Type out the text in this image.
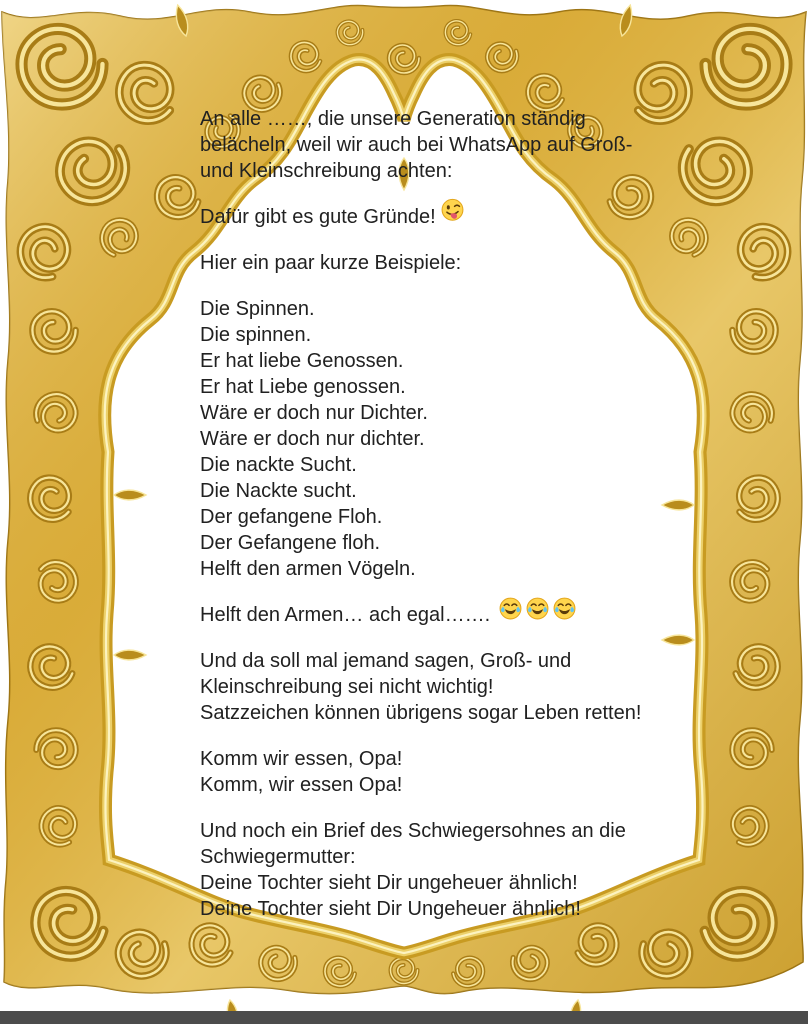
An alle ……, die unsere Generation ständig
belächeln, weil wir auch bei WhatsApp auf Groß-
und Kleinschreibung achten:

Dafür gibt es gute Gründe!

Hier ein paar kurze Beispiele:

Die Spinnen.
Die spinnen.
Er hat liebe Genossen.
Er hat Liebe genossen.
Wäre er doch nur Dichter.
Wäre er doch nur dichter.
Die nackte Sucht.
Die Nackte sucht.
Der gefangene Floh.
Der Gefangene floh.
Helft den armen Vögeln.

Helft den Armen… ach egal…….

Und da soll mal jemand sagen, Groß- und
Kleinschreibung sei nicht wichtig!
Satzzeichen können übrigens sogar Leben retten!

Komm wir essen, Opa!
Komm, wir essen Opa!

Und noch ein Brief des Schwiegersohnes an die
Schwiegermutter:
Deine Tochter sieht Dir ungeheuer ähnlich!
Deine Tochter sieht Dir Ungeheuer ähnlich!
